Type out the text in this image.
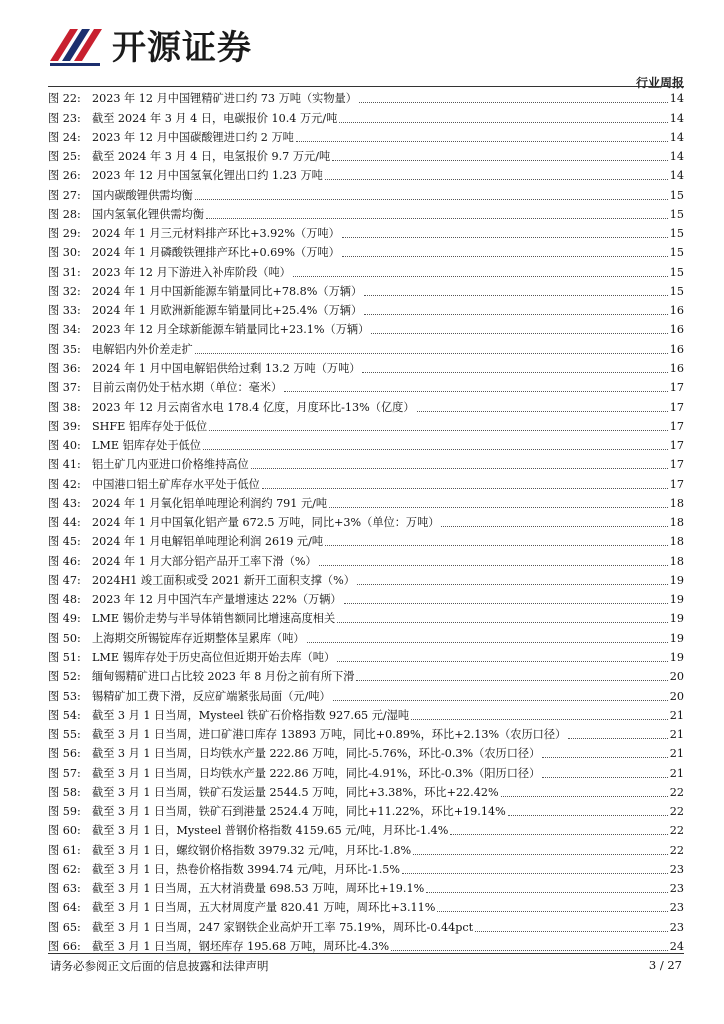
开源证券
行业周报
图 22:	2023 年 12 月中国锂精矿进口约 73 万吨（实物量）	14
图 23:	截至 2024 年 3 月 4 日，电碳报价 10.4 万元/吨	14
图 24:	2023 年 12 月中国碳酸锂进口约 2 万吨	14
图 25:	截至 2024 年 3 月 4 日，电氢报价 9.7 万元/吨	14
图 26:	2023 年 12 月中国氢氧化锂出口约 1.23 万吨	14
图 27:	国内碳酸锂供需均衡	15
图 28:	国内氢氧化锂供需均衡	15
图 29:	2024 年 1 月三元材料排产环比+3.92%（万吨）	15
图 30:	2024 年 1 月磷酸铁锂排产环比+0.69%（万吨）	15
图 31:	2023 年 12 月下游进入补库阶段（吨）	15
图 32:	2024 年 1 月中国新能源车销量同比+78.8%（万辆）	15
图 33:	2024 年 1 月欧洲新能源车销量同比+25.4%（万辆）	16
图 34:	2023 年 12 月全球新能源车销量同比+23.1%（万辆）	16
图 35:	电解铝内外价差走扩	16
图 36:	2024 年 1 月中国电解铝供给过剩 13.2 万吨（万吨）	16
图 37:	目前云南仍处于枯水期（单位：毫米）	17
图 38:	2023 年 12 月云南省水电 178.4 亿度，月度环比-13%（亿度）	17
图 39:	SHFE 铝库存处于低位	17
图 40:	LME 铝库存处于低位	17
图 41:	铝土矿几内亚进口价格维持高位	17
图 42:	中国港口铝土矿库存水平处于低位	17
图 43:	2024 年 1 月氧化铝单吨理论利润约 791 元/吨	18
图 44:	2024 年 1 月中国氧化铝产量 672.5 万吨，同比+3%（单位：万吨）	18
图 45:	2024 年 1 月电解铝单吨理论利润 2619 元/吨	18
图 46:	2024 年 1 月大部分铝产品开工率下滑（%）	18
图 47:	2024H1 竣工面积或受 2021 新开工面积支撑（%）	19
图 48:	2023 年 12 月中国汽车产量增速达 22%（万辆）	19
图 49:	LME 锡价走势与半导体销售额同比增速高度相关	19
图 50:	上海期交所锡锭库存近期整体呈累库（吨）	19
图 51:	LME 锡库存处于历史高位但近期开始去库（吨）	19
图 52:	缅甸锡精矿进口占比较 2023 年 8 月份之前有所下滑	20
图 53:	锡精矿加工费下滑，反应矿端紧张局面（元/吨）	20
图 54:	截至 3 月 1 日当周，Mysteel 铁矿石价格指数 927.65 元/湿吨	21
图 55:	截至 3 月 1 日当周，进口矿港口库存 13893 万吨，同比+0.89%，环比+2.13%（农历口径）	21
图 56:	截至 3 月 1 日当周，日均铁水产量 222.86 万吨，同比-5.76%，环比-0.3%（农历口径）	21
图 57:	截至 3 月 1 日当周，日均铁水产量 222.86 万吨，同比-4.91%，环比-0.3%（阳历口径）	21
图 58:	截至 3 月 1 日当周，铁矿石发运量 2544.5 万吨，同比+3.38%，环比+22.42%	22
图 59:	截至 3 月 1 日当周，铁矿石到港量 2524.4 万吨，同比+11.22%，环比+19.14%	22
图 60:	截至 3 月 1 日，Mysteel 普钢价格指数 4159.65 元/吨，月环比-1.4%	22
图 61:	截至 3 月 1 日，螺纹钢价格指数 3979.32 元/吨，月环比-1.8%	22
图 62:	截至 3 月 1 日，热卷价格指数 3994.74 元/吨，月环比-1.5%	23
图 63:	截至 3 月 1 日当周，五大材消费量 698.53 万吨，周环比+19.1%	23
图 64:	截至 3 月 1 日当周，五大材周度产量 820.41 万吨，周环比+3.11%	23
图 65:	截至 3 月 1 日当周，247 家钢铁企业高炉开工率 75.19%，周环比-0.44pct	23
图 66:	截至 3 月 1 日当周，钢坯库存 195.68 万吨，周环比-4.3%	24
请务必参阅正文后面的信息披露和法律声明	3 / 27
